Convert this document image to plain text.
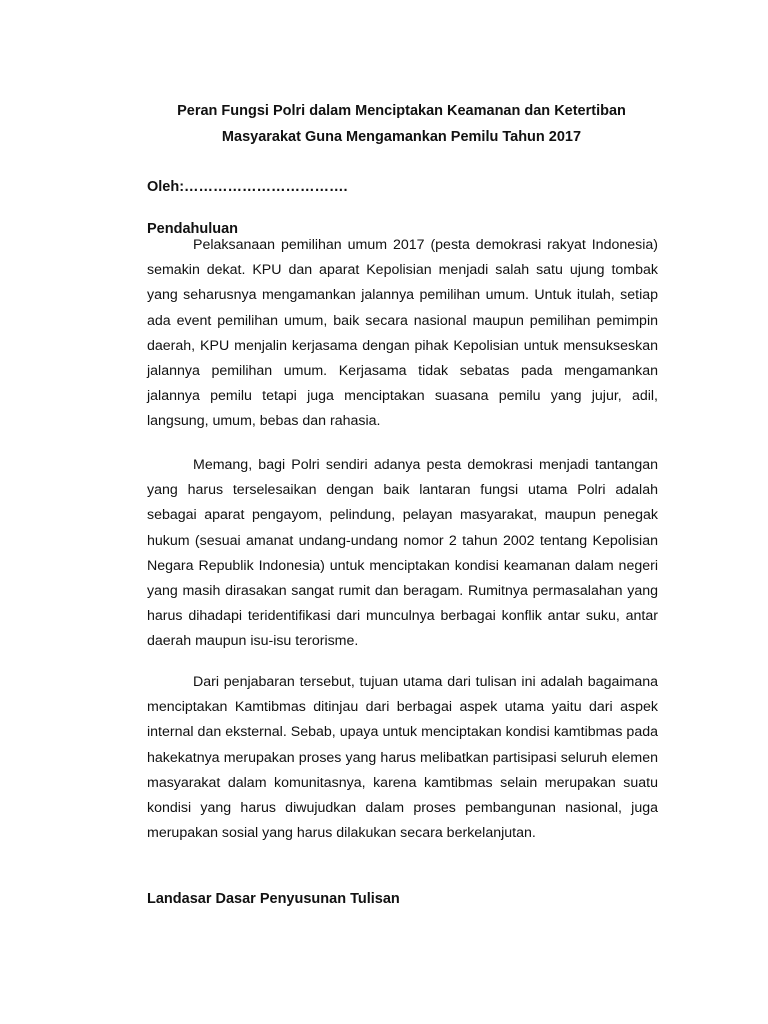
Peran Fungsi Polri dalam Menciptakan Keamanan dan Ketertiban
Masyarakat Guna Mengamankan Pemilu Tahun 2017
Oleh:…………………………….
Pendahuluan

Pelaksanaan pemilihan umum 2017 (pesta demokrasi rakyat Indonesia) semakin dekat. KPU dan aparat Kepolisian menjadi salah satu ujung tombak yang seharusnya mengamankan jalannya pemilihan umum. Untuk itulah, setiap ada event pemilihan umum, baik secara nasional maupun pemilihan pemimpin daerah, KPU menjalin kerjasama dengan pihak Kepolisian untuk mensukseskan jalannya pemilihan umum. Kerjasama tidak sebatas pada mengamankan jalannya pemilu tetapi juga menciptakan suasana pemilu yang jujur, adil, langsung, umum, bebas dan rahasia.

Memang, bagi Polri sendiri adanya pesta demokrasi menjadi tantangan yang harus terselesaikan dengan baik lantaran fungsi utama Polri adalah sebagai aparat pengayom, pelindung, pelayan masyarakat, maupun penegak hukum (sesuai amanat undang-undang nomor 2 tahun 2002 tentang Kepolisian Negara Republik Indonesia) untuk menciptakan kondisi keamanan dalam negeri yang masih dirasakan sangat rumit dan beragam. Rumitnya permasalahan yang harus dihadapi teridentifikasi dari munculnya berbagai konflik antar suku, antar daerah maupun isu-isu terorisme.

Dari penjabaran tersebut, tujuan utama dari tulisan ini adalah bagaimana menciptakan Kamtibmas ditinjau dari berbagai aspek utama yaitu dari aspek internal dan eksternal. Sebab, upaya untuk menciptakan kondisi kamtibmas pada hakekatnya merupakan proses yang harus melibatkan partisipasi seluruh elemen masyarakat dalam komunitasnya, karena kamtibmas selain merupakan suatu kondisi yang harus diwujudkan dalam proses pembangunan nasional, juga merupakan sosial yang harus dilakukan secara berkelanjutan.

Landasar Dasar Penyusunan Tulisan
